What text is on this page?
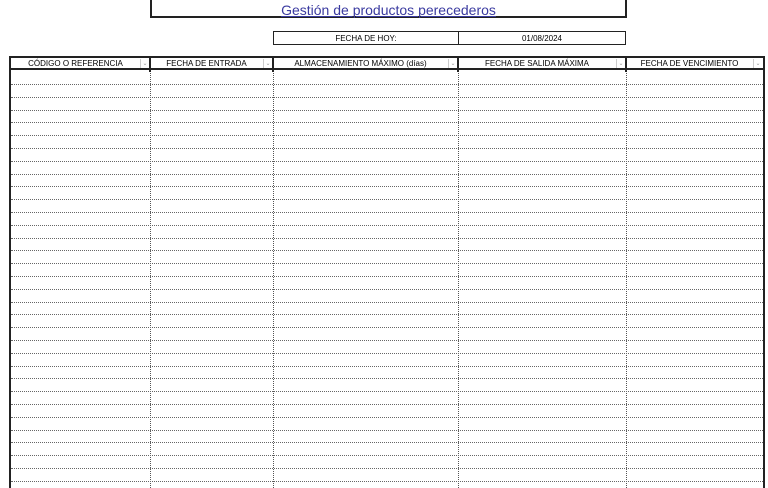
Gestión de productos perecederos
FECHA DE HOY:	01/08/2024
CÓDIGO O REFERENCIA	⌄	FECHA DE ENTRADA	⌄	ALMACENAMIENTO MÁXIMO (días)	⌄	FECHA DE SALIDA MÁXIMA	⌄	FECHA DE VENCIMIENTO	⌄
